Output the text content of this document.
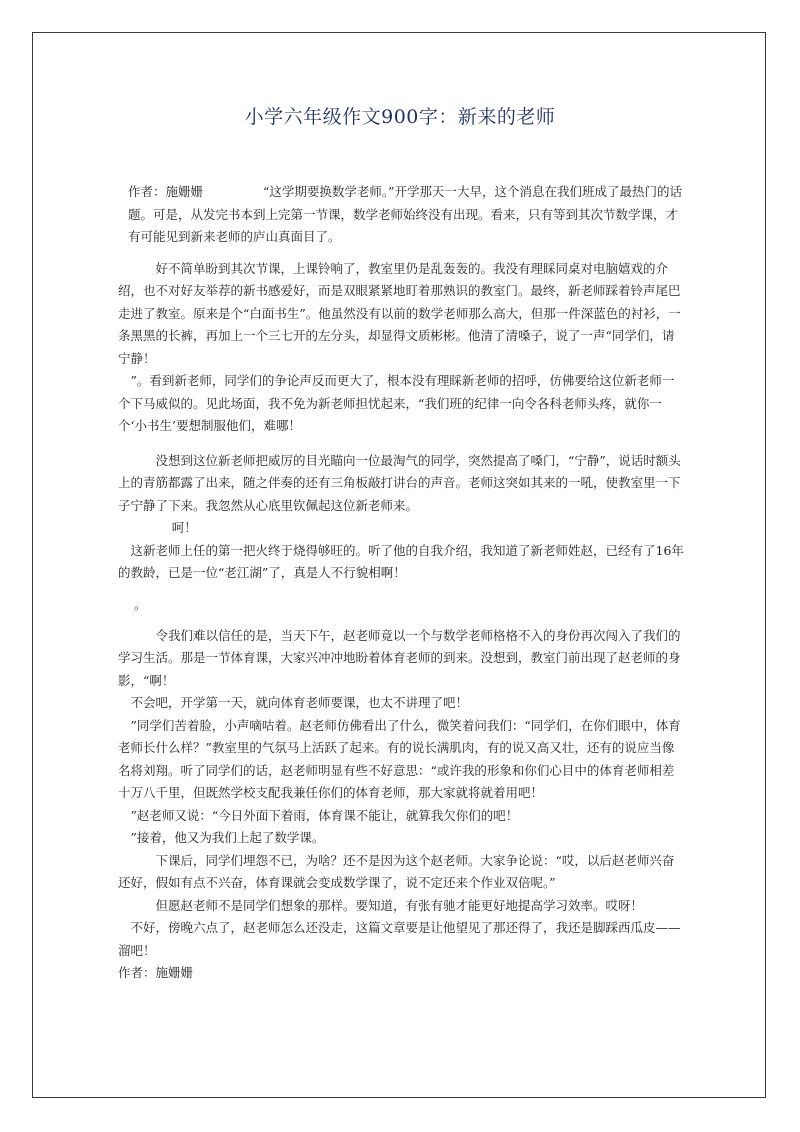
小学六年级作文900字：新来的老师

作者：施姗姗	“这学期要换数学老师。”开学那天一大早，这个消息在我们班成了最热门的话题。可是，从发完书本到上完第一节课，数学老师始终没有出现。看来，只有等到其次节数学课，才有可能见到新来老师的庐山真面目了。

好不简单盼到其次节课，上课铃响了，教室里仍是乱轰轰的。我没有理睬同桌对电脑嬉戏的介绍，也不对好友举荐的新书感爱好，而是双眼紧紧地盯着那熟识的教室门。最终，新老师踩着铃声尾巴走进了教室。原来是个“白面书生”。他虽然没有以前的数学老师那么高大，但那一件深蓝色的衬衫，一条黑黑的长裤，再加上一个三七开的左分头，却显得文质彬彬。他清了清嗓子，说了一声“同学们，请宁静！

”。看到新老师，同学们的争论声反而更大了，根本没有理睬新老师的招呼，仿佛要给这位新老师一个下马威似的。见此场面，我不免为新老师担忧起来，“我们班的纪律一向令各科老师头疼，就你一个‘小书生’要想制服他们，难哪！

没想到这位新老师把威厉的目光瞄向一位最淘气的同学，突然提高了嗓门，“宁静”，说话时额头上的青筋都露了出来，随之伴奏的还有三角板敲打讲台的声音。老师这突如其来的一吼，使教室里一下子宁静了下来。我忽然从心底里钦佩起这位新老师来。

呵！

这新老师上任的第一把火终于烧得够旺的。听了他的自我介绍，我知道了新老师姓赵，已经有了16年的教龄，已是一位“老江湖”了，真是人不行貌相啊！

。

令我们难以信任的是，当天下午，赵老师竟以一个与数学老师格格不入的身份再次闯入了我们的学习生活。那是一节体育课，大家兴冲冲地盼着体育老师的到来。没想到，教室门前出现了赵老师的身影，“啊！

不会吧，开学第一天，就向体育老师要课，也太不讲理了吧！

”同学们苦着脸，小声嘀咕着。赵老师仿佛看出了什么，微笑着问我们：“同学们，在你们眼中，体育老师长什么样？”教室里的气氛马上活跃了起来。有的说长满肌肉，有的说又高又壮，还有的说应当像名将刘翔。听了同学们的话，赵老师明显有些不好意思：“或许我的形象和你们心目中的体育老师相差十万八千里，但既然学校支配我兼任你们的体育老师，那大家就将就着用吧！

”赵老师又说：“今日外面下着雨，体育课不能让，就算我欠你们的吧！

”接着，他又为我们上起了数学课。

下课后，同学们埋怨不已，为啥？还不是因为这个赵老师。大家争论说：“哎，以后赵老师兴奋还好，假如有点不兴奋，体育课就会变成数学课了，说不定还来个作业双倍呢。”

但愿赵老师不是同学们想象的那样。要知道，有张有驰才能更好地提高学习效率。哎呀！

不好，傍晚六点了，赵老师怎么还没走，这篇文章要是让他望见了那还得了，我还是脚踩西瓜皮——溜吧！

作者：施姗姗
